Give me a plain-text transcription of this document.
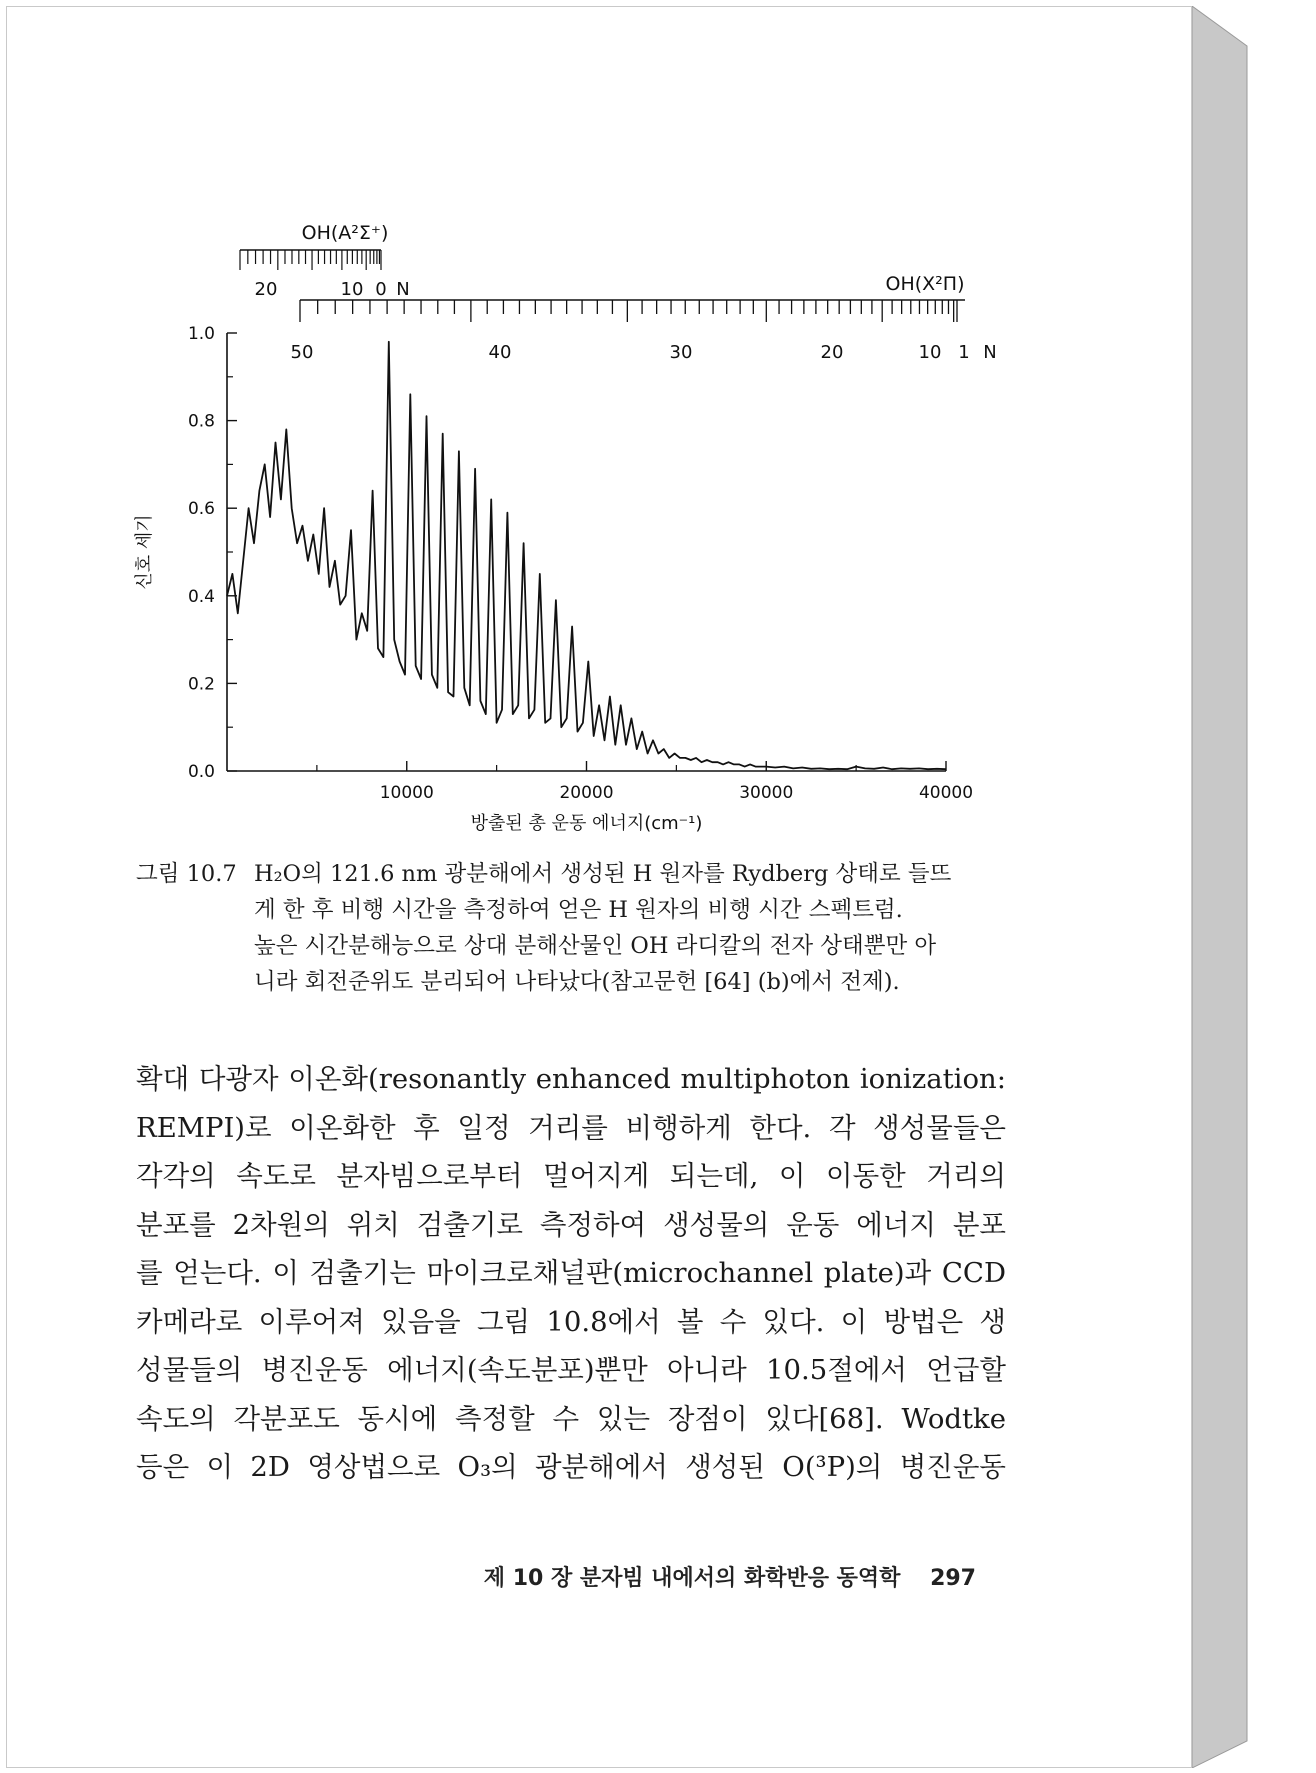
0.0
0.2
0.4
0.6
0.8
1.0
10000	20000	30000	40000
방출된 총 운동 에너지(cm⁻¹)
신호 세기
50	40	30	20	10 1 N
OH(X²Π)
20	10 0 N
OH(A²Σ⁺)
그림 10.7 H₂O의 121.6 nm 광분해에서 생성된 H 원자를 Rydberg 상태로 들뜨
게 한 후 비행 시간을 측정하여 얻은 H 원자의 비행 시간 스펙트럼.
높은 시간분해능으로 상대 분해산물인 OH 라디칼의 전자 상태뿐만 아
니라 회전준위도 분리되어 나타났다(참고문헌 [64] (b)에서 전제).
확대 다광자 이온화(resonantly enhanced multiphoton ionization:
REMPI)로 이온화한 후 일정 거리를 비행하게 한다. 각 생성물들은
각각의 속도로 분자빔으로부터 멀어지게 되는데, 이 이동한 거리의
분포를 2차원의 위치 검출기로 측정하여 생성물의 운동 에너지 분포
를 얻는다. 이 검출기는 마이크로채널판(microchannel plate)과 CCD
카메라로 이루어져 있음을 그림 10.8에서 볼 수 있다. 이 방법은 생
성물들의 병진운동 에너지(속도분포)뿐만 아니라 10.5절에서 언급할
속도의 각분포도 동시에 측정할 수 있는 장점이 있다[68]. Wodtke
등은 이 2D 영상법으로 O₃의 광분해에서 생성된 O(³P)의 병진운동
제 10 장 분자빔 내에서의 화학반응 동역학 297
